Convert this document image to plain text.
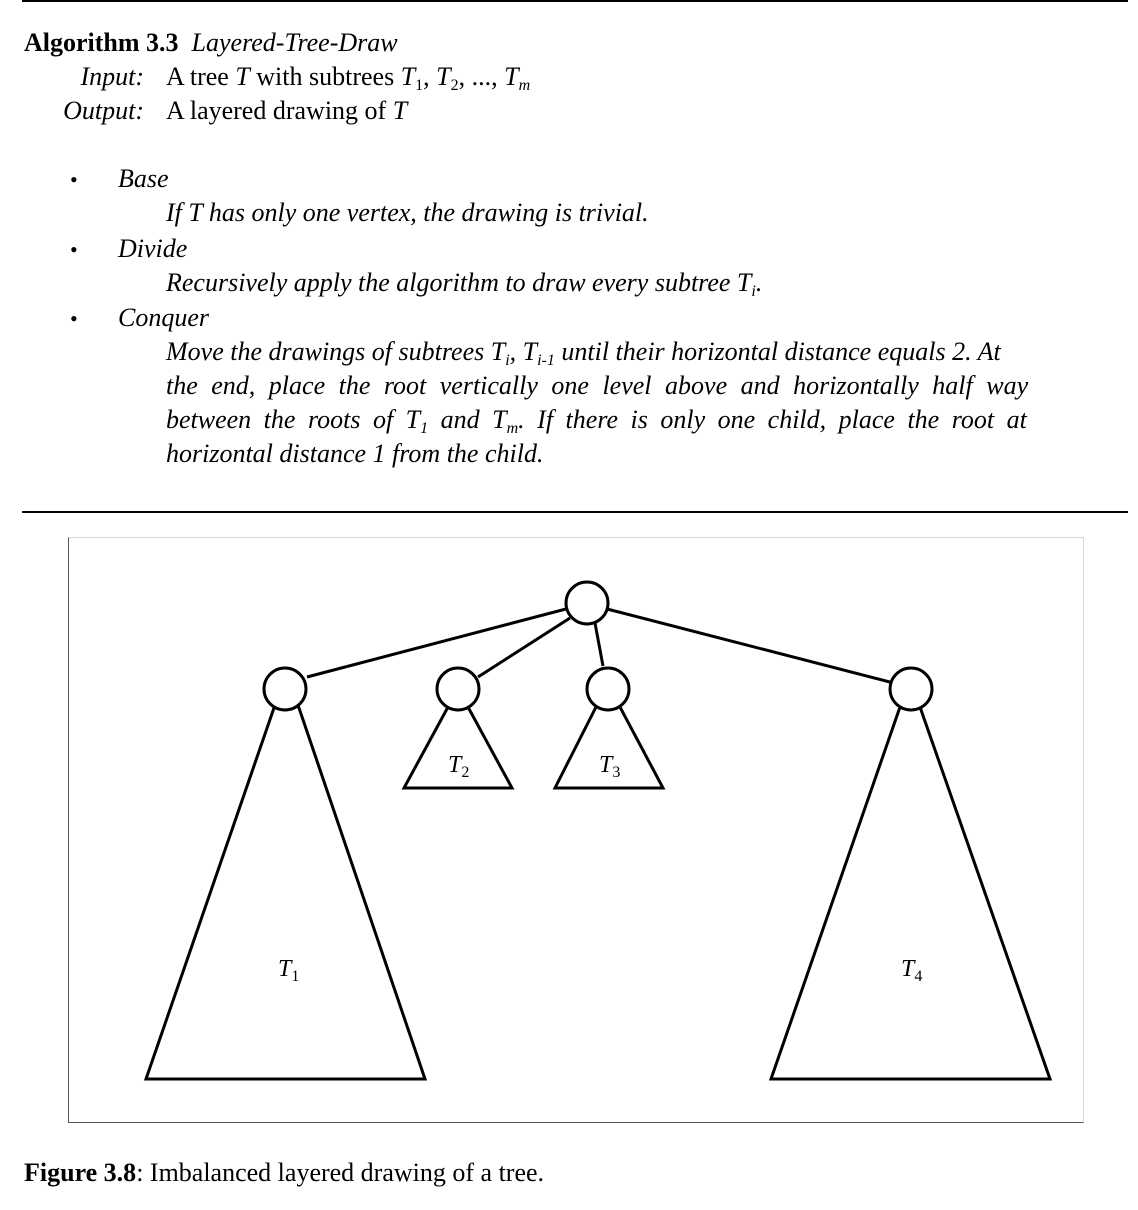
Algorithm 3.3 Layered-Tree-Draw
Input: A tree T with subtrees $T_1$, $T_2$, ..., $T_m$
Output: A layered drawing of T
• Base
If T has only one vertex, the drawing is trivial.
• Divide
Recursively apply the algorithm to draw every subtree $T_i$.
• Conquer
Move the drawings of subtrees $T_i$, $T_{i-1}$ until their horizontal distance equals 2. At
the end, place the root vertically one level above and horizontally half way
between the roots of $T_1$ and $T_m$. If there is only one child, place the root at
horizontal distance 1 from the child.
$T_1$
$T_2$	$T_3$
$T_4$
Figure 3.8: Imbalanced layered drawing of a tree.
